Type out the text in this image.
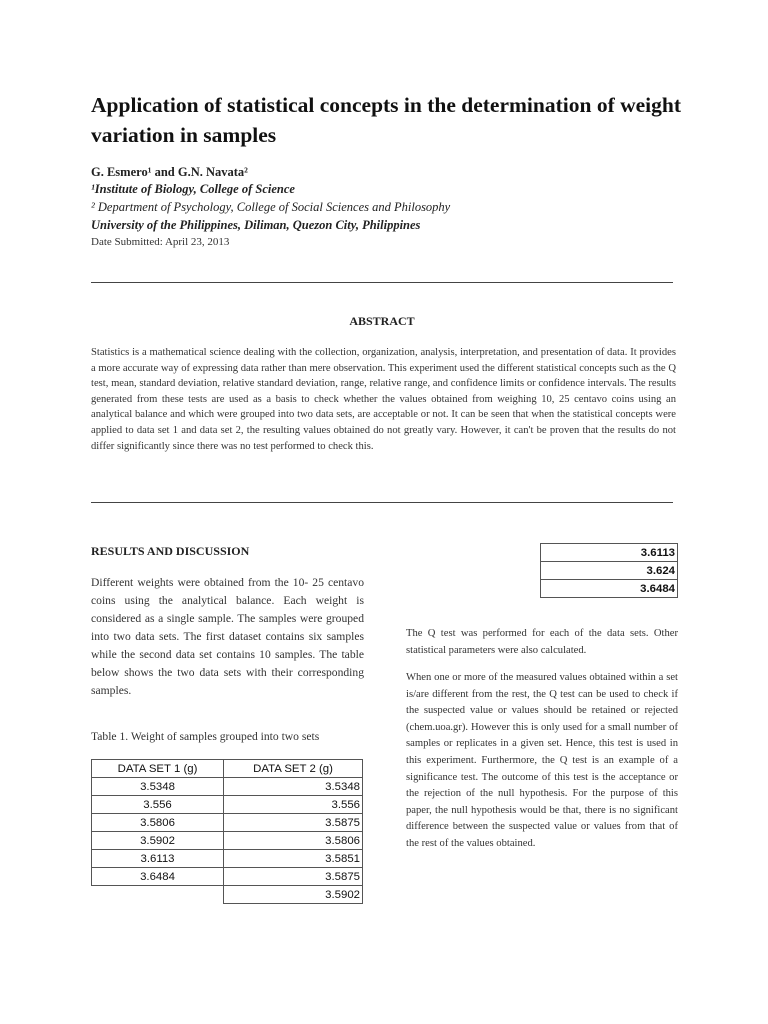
Application of statistical concepts in the determination of weight variation in samples
G. Esmero¹ and G.N. Navata²
¹Institute of Biology, College of Science
² Department of Psychology, College of Social Sciences and Philosophy
University of the Philippines, Diliman, Quezon City, Philippines
Date Submitted: April 23, 2013
ABSTRACT
Statistics is a mathematical science dealing with the collection, organization, analysis, interpretation, and presentation of data. It provides a more accurate way of expressing data rather than mere observation. This experiment used the different statistical concepts such as the Q test, mean, standard deviation, relative standard deviation, range, relative range, and confidence limits or confidence intervals. The results generated from these tests are used as a basis to check whether the values obtained from weighing 10, 25 centavo coins using an analytical balance and which were grouped into two data sets, are acceptable or not. It can be seen that when the statistical concepts were applied to data set 1 and data set 2, the resulting values obtained do not greatly vary. However, it can't be proven that the results do not differ significantly since there was no test performed to check this.
RESULTS AND DISCUSSION
Different weights were obtained from the 10- 25 centavo coins using the analytical balance. Each weight is considered as a single sample. The samples were grouped into two data sets. The first dataset contains six samples while the second data set contains 10 samples. The table below shows the two data sets with their corresponding samples.
Table 1. Weight of samples grouped into two sets
DATA SET 1 (g)	DATA SET 2 (g)
3.5348	3.5348
3.556	3.556
3.5806	3.5875
3.5902	3.5806
3.6113	3.5851
3.6484	3.5875
	3.5902
3.6113
3.624
3.6484
The Q test was performed for each of the data sets. Other statistical parameters were also calculated.
When one or more of the measured values obtained within a set is/are different from the rest, the Q test can be used to check if the suspected value or values should be retained or rejected (chem.uoa.gr). However this is only used for a small number of samples or replicates in a given set. Hence, this test is used in this experiment. Furthermore, the Q test is an example of a significance test. The outcome of this test is the acceptance or the rejection of the null hypothesis. For the purpose of this paper, the null hypothesis would be that, there is no significant difference between the suspected value or values from that of the rest of the values obtained.
